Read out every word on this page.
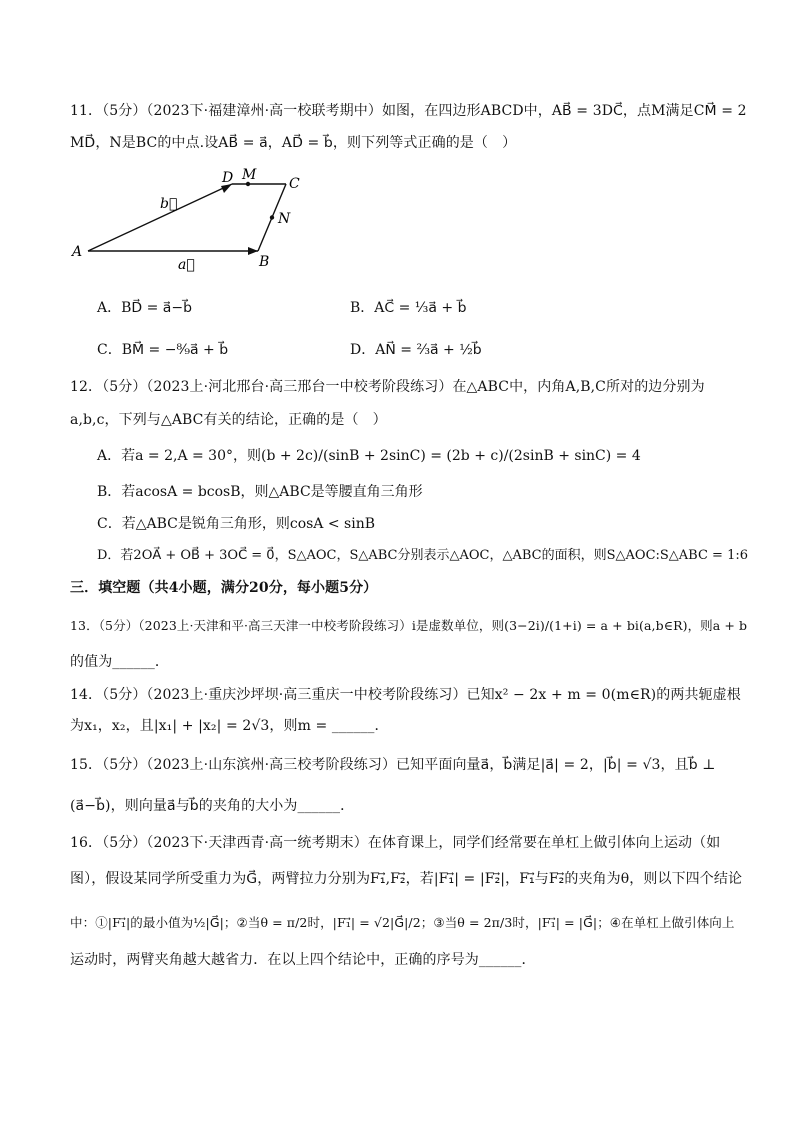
11．（5分）（2023下·福建漳州·高一校联考期中）如图，在四边形ABCD中，AB⃗ = 3DC⃗，点M满足CM⃗ = 2
MD⃗，N是BC的中点.设AB⃗ = a⃗，AD⃗ = b⃗，则下列等式正确的是（　）
A
B
C
D M
N
a⃗
b⃗
A．BD⃗ = a⃗−b⃗	B．AC⃗ = ⅓a⃗ + b⃗
C．BM⃗ = −⁸⁄₉a⃗ + b⃗	D．AN⃗ = ⅔a⃗ + ½b⃗
12．（5分）（2023上·河北邢台·高三邢台一中校考阶段练习）在△ABC中，内角A,B,C所对的边分别为
a,b,c，下列与△ABC有关的结论，正确的是（　）
A．若a = 2,A = 30°，则(b + 2c)/(sinB + 2sinC) = (2b + c)/(2sinB + sinC) = 4
B．若acosA = bcosB，则△ABC是等腰直角三角形
C．若△ABC是锐角三角形，则cosA < sinB
D．若2OA⃗ + OB⃗ + 3OC⃗ = 0⃗，S△AOC，S△ABC分别表示△AOC，△ABC的面积，则S△AOC:S△ABC = 1:6
三．填空题（共4小题，满分20分，每小题5分）
13．（5分）（2023上·天津和平·高三天津一中校考阶段练习）i是虚数单位，则(3−2i)/(1+i) = a + bi(a,b∈R)，则a + b
的值为______．
14．（5分）（2023上·重庆沙坪坝·高三重庆一中校考阶段练习）已知x² − 2x + m = 0(m∈R)的两共轭虚根
为x₁，x₂，且|x₁| + |x₂| = 2√3，则m = ______．
15．（5分）（2023上·山东滨州·高三校考阶段练习）已知平面向量a⃗，b⃗满足|a⃗| = 2，|b⃗| = √3，且b⃗ ⊥
(a⃗−b⃗)，则向量a⃗与b⃗的夹角的大小为______．
16．（5分）（2023下·天津西青·高一统考期末）在体育课上，同学们经常要在单杠上做引体向上运动（如
图），假设某同学所受重力为G⃗，两臂拉力分别为F₁⃗,F₂⃗，若|F₁⃗| = |F₂⃗|，F₁⃗与F₂⃗的夹角为θ，则以下四个结论
中：①|F₁⃗|的最小值为½|G⃗|；②当θ = π/2时，|F₁⃗| = √2|G⃗|/2；③当θ = 2π/3时，|F₁⃗| = |G⃗|；④在单杠上做引体向上
运动时，两臂夹角越大越省力．在以上四个结论中，正确的序号为______．
